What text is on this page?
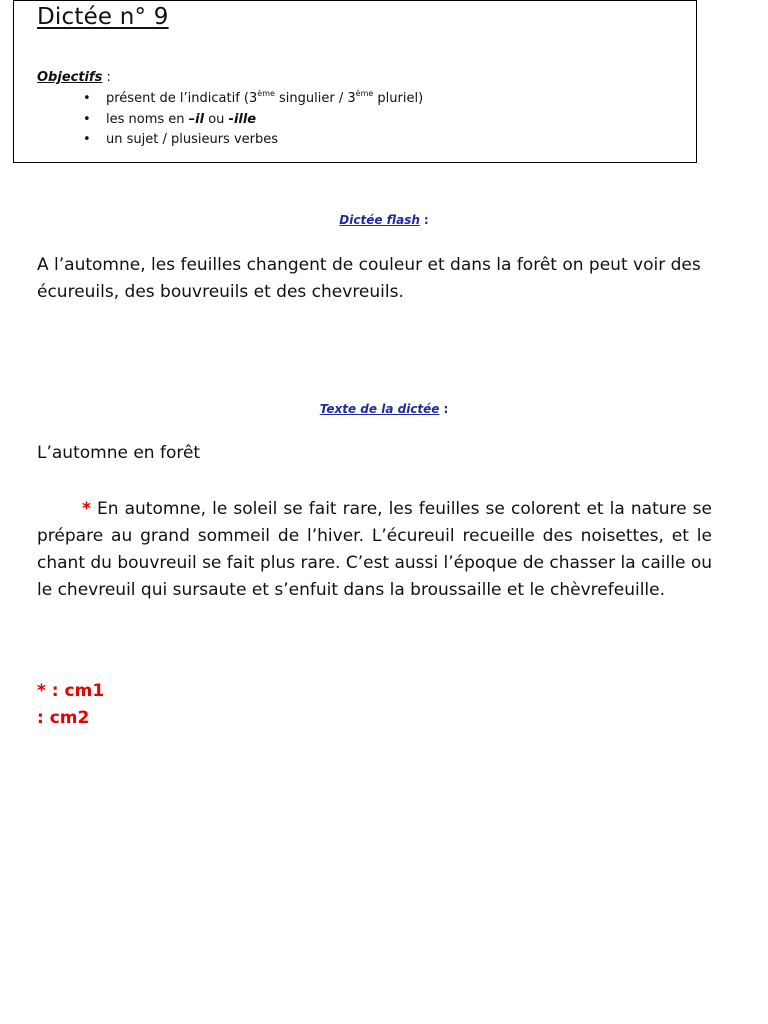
Dictée n° 9
Objectifs :
• présent de l’indicatif (3ème singulier / 3ème pluriel)
• les noms en –il ou -ille
• un sujet / plusieurs verbes
Dictée flash :

A l’automne, les feuilles changent de couleur et dans la forêt on peut voir des écureuils, des bouvreuils et des chevreuils.

Texte de la dictée :

L’automne en forêt

* En automne, le soleil se fait rare, les feuilles se colorent et la nature se prépare au grand sommeil de l’hiver. L’écureuil recueille des noisettes, et le chant du bouvreuil se fait plus rare. C’est aussi l’époque de chasser la caille ou le chevreuil qui sursaute et s’enfuit dans la broussaille et le chèvrefeuille.

* : cm1
: cm2
